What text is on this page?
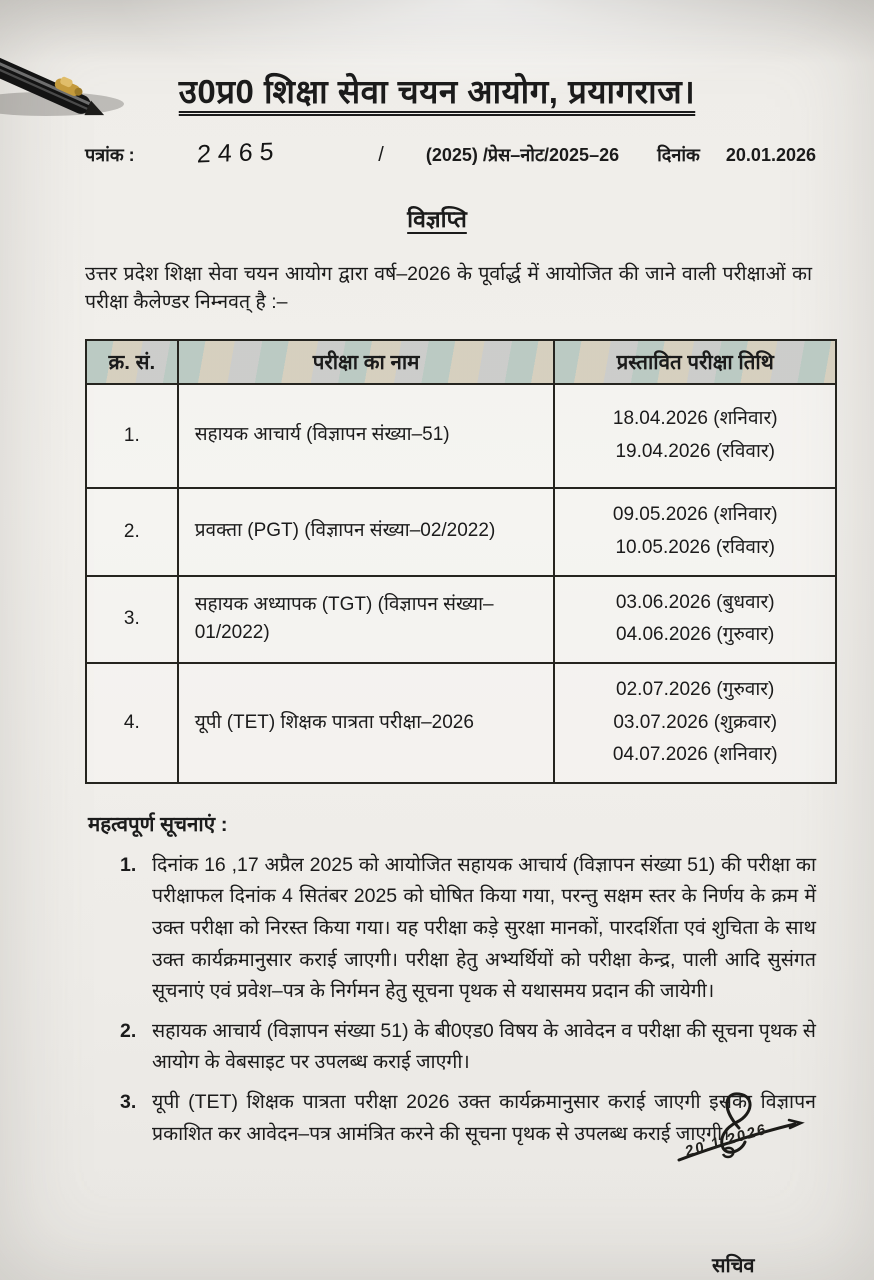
उ0प्र0 शिक्षा सेवा चयन आयोग, प्रयागराज।
पत्रांक : 2465	/ (2025) /प्रेस–नोट/2025–26 दिनांक 20.01.2026
विज्ञप्ति

उत्तर प्रदेश शिक्षा सेवा चयन आयोग द्वारा वर्ष–2026 के पूर्वार्द्ध में आयोजित की जाने वाली परीक्षाओं का परीक्षा कैलेण्डर निम्नवत् है :–

क्र. सं.	परीक्षा का नाम	प्रस्तावित परीक्षा तिथि
1.	सहायक आचार्य (विज्ञापन संख्या–51)	18.04.2026 (शनिवार)
19.04.2026 (रविवार)

2.	प्रवक्ता (PGT) (विज्ञापन संख्या–02/2022)	09.05.2026 (शनिवार)
10.05.2026 (रविवार)

3.	सहायक अध्यापक (TGT) (विज्ञापन संख्या–01/2022)	03.06.2026 (बुधवार)
04.06.2026 (गुरुवार)

4.	यूपी (TET) शिक्षक पात्रता परीक्षा–2026	02.07.2026 (गुरुवार)
03.07.2026 (शुक्रवार)
04.07.2026 (शनिवार)
महत्वपूर्ण सूचनाएं :
दिनांक 16 ,17 अप्रैल 2025 को आयोजित सहायक आचार्य (विज्ञापन संख्या 51) की परीक्षा का परीक्षाफल दिनांक 4 सितंबर 2025 को घोषित किया गया, परन्तु सक्षम स्तर के निर्णय के क्रम में उक्त परीक्षा को निरस्त किया गया। यह परीक्षा कड़े सुरक्षा मानकों, पारदर्शिता एवं शुचिता के साथ उक्त कार्यक्रमानुसार कराई जाएगी। परीक्षा हेतु अभ्यर्थियों को परीक्षा केन्द्र, पाली आदि सुसंगत सूचनाएं एवं प्रवेश–पत्र के निर्गमन हेतु सूचना पृथक से यथासमय प्रदान की जायेगी।
सहायक आचार्य (विज्ञापन संख्या 51) के बी0एड0 विषय के आवेदन व परीक्षा की सूचना पृथक से आयोग के वेबसाइट पर उपलब्ध कराई जाएगी।
यूपी (TET) शिक्षक पात्रता परीक्षा 2026 उक्त कार्यक्रमानुसार कराई जाएगी इसका विज्ञापन प्रकाशित कर आवेदन–पत्र आमंत्रित करने की सूचना पृथक से उपलब्ध कराई जाएगी।
20.1.2026
सचिव
